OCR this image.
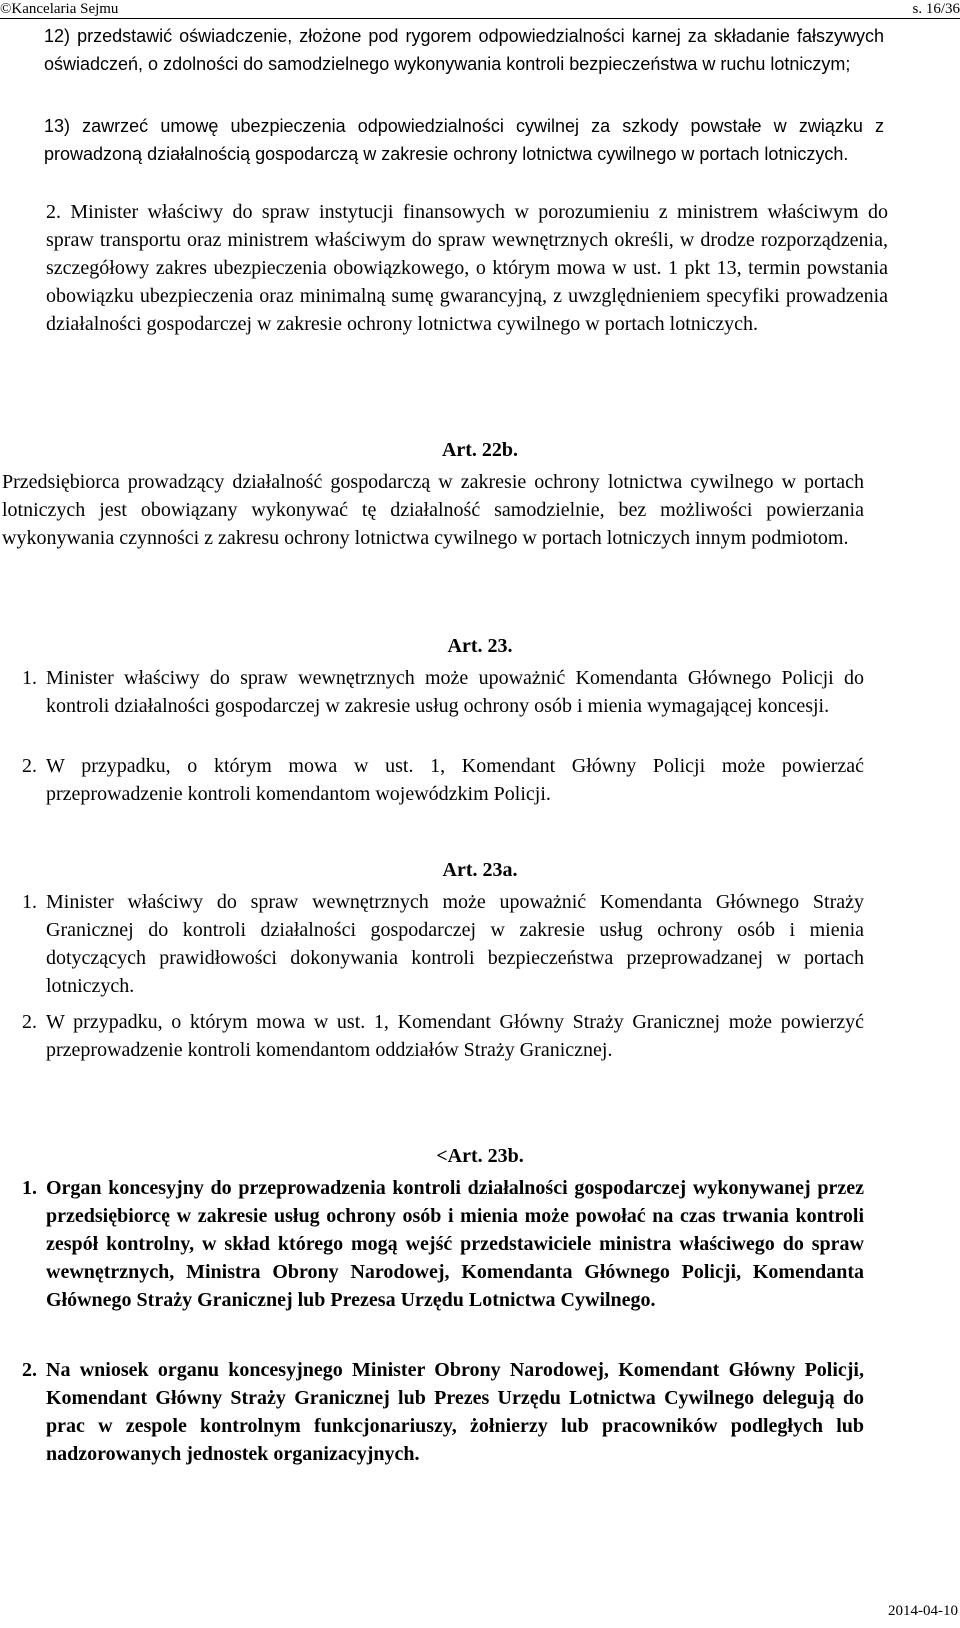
©Kancelaria Sejmu	s. 16/36

12) przedstawić oświadczenie, złożone pod rygorem odpowiedzialności karnej za składanie fałszywych oświadczeń, o zdolności do samodzielnego wykonywania kontroli bezpieczeństwa w ruchu lotniczym;

13) zawrzeć umowę ubezpieczenia odpowiedzialności cywilnej za szkody powstałe w związku z prowadzoną działalnością gospodarczą w zakresie ochrony lotnictwa cywilnego w portach lotniczych.

2. Minister właściwy do spraw instytucji finansowych w porozumieniu z ministrem właściwym do spraw transportu oraz ministrem właściwym do spraw wewnętrznych określi, w drodze rozporządzenia, szczegółowy zakres ubezpieczenia obowiązkowego, o którym mowa w ust. 1 pkt 13, termin powstania obowiązku ubezpieczenia oraz minimalną sumę gwarancyjną, z uwzględnieniem specyfiki prowadzenia działalności gospodarczej w zakresie ochrony lotnictwa cywilnego w portach lotniczych.

Art. 22b.

Przedsiębiorca prowadzący działalność gospodarczą w zakresie ochrony lotnictwa cywilnego w portach lotniczych jest obowiązany wykonywać tę działalność samodzielnie, bez możliwości powierzania wykonywania czynności z zakresu ochrony lotnictwa cywilnego w portach lotniczych innym podmiotom.

Art. 23.

1. Minister właściwy do spraw wewnętrznych może upoważnić Komendanta Głównego Policji do kontroli działalności gospodarczej w zakresie usług ochrony osób i mienia wymagającej koncesji.

2. W przypadku, o którym mowa w ust. 1, Komendant Główny Policji może powierzać przeprowadzenie kontroli komendantom wojewódzkim Policji.

Art. 23a.

1. Minister właściwy do spraw wewnętrznych może upoważnić Komendanta Głównego Straży Granicznej do kontroli działalności gospodarczej w zakresie usług ochrony osób i mienia dotyczących prawidłowości dokonywania kontroli bezpieczeństwa przeprowadzanej w portach lotniczych.

2. W przypadku, o którym mowa w ust. 1, Komendant Główny Straży Granicznej może powierzyć przeprowadzenie kontroli komendantom oddziałów Straży Granicznej.

<Art. 23b.

1. Organ koncesyjny do przeprowadzenia kontroli działalności gospodarczej wykonywanej przez przedsiębiorcę w zakresie usług ochrony osób i mienia może powołać na czas trwania kontroli zespół kontrolny, w skład którego mogą wejść przedstawiciele ministra właściwego do spraw wewnętrznych, Ministra Obrony Narodowej, Komendanta Głównego Policji, Komendanta Głównego Straży Granicznej lub Prezesa Urzędu Lotnictwa Cywilnego.

2. Na wniosek organu koncesyjnego Minister Obrony Narodowej, Komendant Główny Policji, Komendant Główny Straży Granicznej lub Prezes Urzędu Lotnictwa Cywilnego delegują do prac w zespole kontrolnym funkcjonariuszy, żołnierzy lub pracowników podległych lub nadzorowanych jednostek organizacyjnych.

2014-04-10
